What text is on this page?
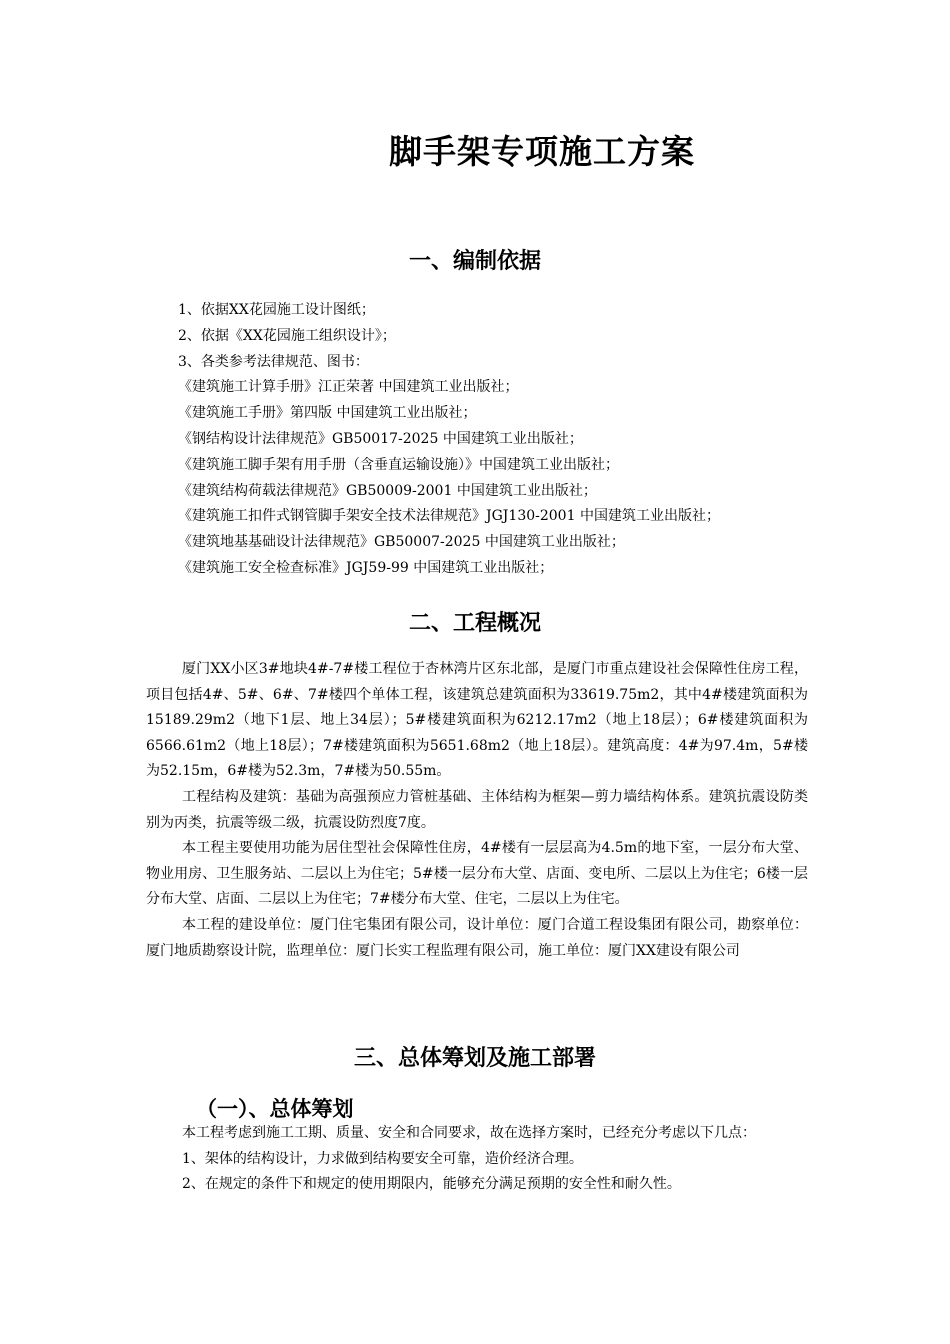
脚手架专项施工方案
一、编制依据
1、依据XX花园施工设计图纸；
2、依据《XX花园施工组织设计》；
3、各类参考法律规范、图书：
《建筑施工计算手册》江正荣著 中国建筑工业出版社；
《建筑施工手册》第四版 中国建筑工业出版社；
《钢结构设计法律规范》GB50017-2025 中国建筑工业出版社；
《建筑施工脚手架有用手册（含垂直运输设施）》中国建筑工业出版社；
《建筑结构荷载法律规范》GB50009-2001 中国建筑工业出版社；
《建筑施工扣件式钢管脚手架安全技术法律规范》JGJ130-2001 中国建筑工业出版社；
《建筑地基基础设计法律规范》GB50007-2025 中国建筑工业出版社；
《建筑施工安全检查标准》JGJ59-99 中国建筑工业出版社；
二、工程概况

厦门XX小区3#地块4#-7#楼工程位于杏林湾片区东北部，是厦门市重点建设社会保障性住房工程，项目包括4#、5#、6#、7#楼四个单体工程，该建筑总建筑面积为33619.75m2，其中4#楼建筑面积为15189.29m2（地下1层、地上34层）；5#楼建筑面积为6212.17m2（地上18层）；6#楼建筑面积为6566.61m2（地上18层）；7#楼建筑面积为5651.68m2（地上18层）。建筑高度：4#为97.4m，5#楼为52.15m，6#楼为52.3m，7#楼为50.55m。

工程结构及建筑：基础为高强预应力管桩基础、主体结构为框架—剪力墙结构体系。建筑抗震设防类别为丙类，抗震等级二级，抗震设防烈度7度。

本工程主要使用功能为居住型社会保障性住房，4#楼有一层层高为4.5m的地下室，一层分布大堂、物业用房、卫生服务站、二层以上为住宅；5#楼一层分布大堂、店面、变电所、二层以上为住宅；6楼一层分布大堂、店面、二层以上为住宅；7#楼分布大堂、住宅，二层以上为住宅。

本工程的建设单位：厦门住宅集团有限公司，设计单位：厦门合道工程设集团有限公司，勘察单位：厦门地质勘察设计院，监理单位：厦门长实工程监理有限公司，施工单位：厦门XX建设有限公司

三、总体筹划及施工部署
（一）、总体筹划

本工程考虑到施工工期、质量、安全和合同要求，故在选择方案时，已经充分考虑以下几点：

1、架体的结构设计，力求做到结构要安全可靠，造价经济合理。

2、在规定的条件下和规定的使用期限内，能够充分满足预期的安全性和耐久性。
